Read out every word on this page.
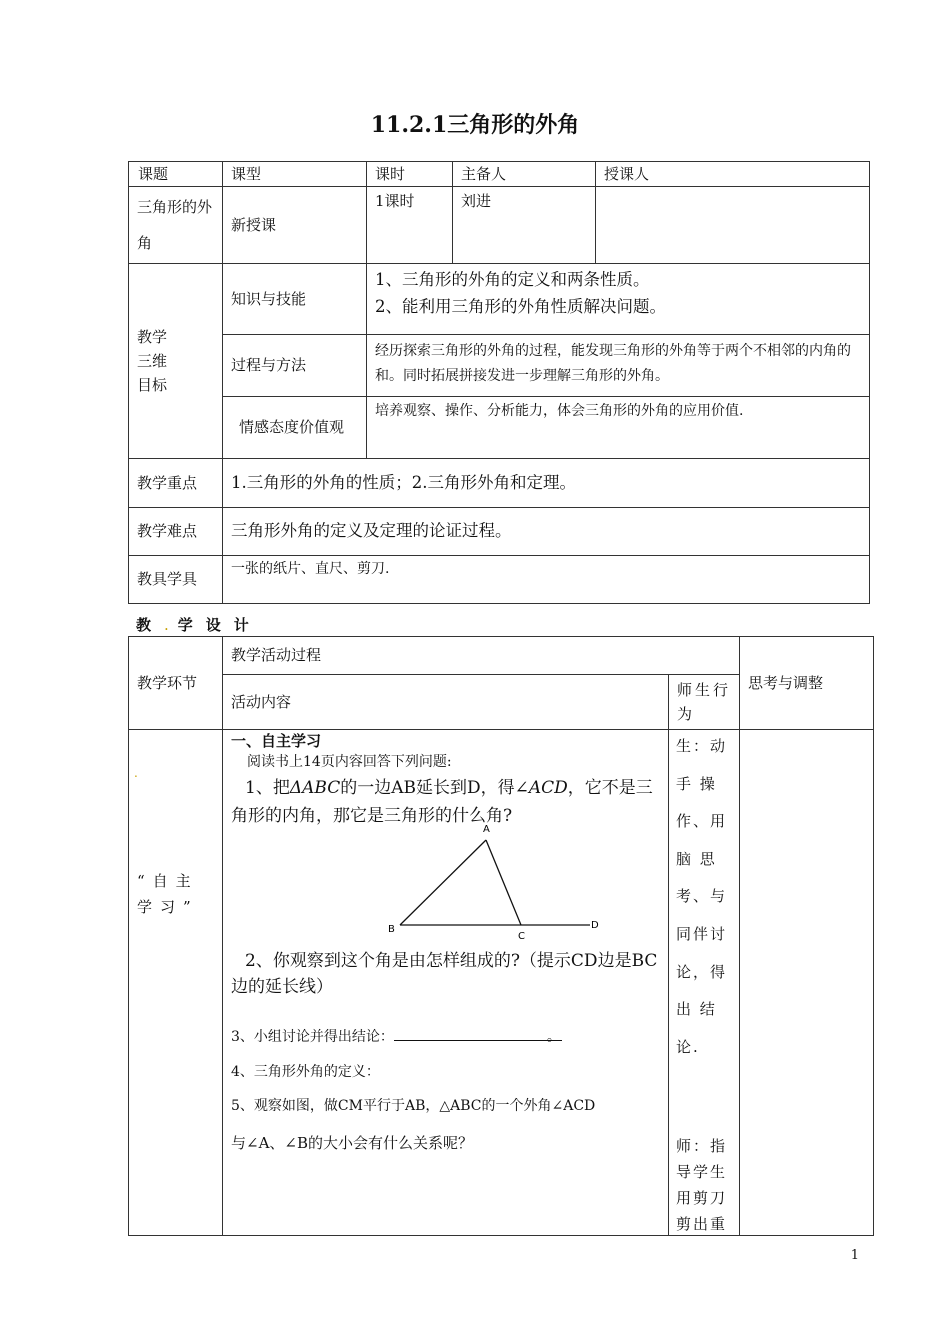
11.2.1三角形的外角
课题	课型	课时	主备人	授课人
三角形的外角	新授课	1课时	刘进	

教学三维目标	知识与技能	1、三角形的外角的定义和两条性质。
2、能利用三角形的外角性质解决问题。		

	过程与方法	经历探索三角形的外角的过程，能发现三角形的外角等于两个不相邻的内角的和。同时拓展拼接发进一步理解三角形的外角。		
	情感态度价值观	培养观察、操作、分析能力，体会三角形的外角的应用价值.		
教学重点	1.三角形的外角的性质；2.三角形外角和定理。			
教学难点	三角形外角的定义及定理的论证过程。			
教具学具	一张的纸片、直尺、剪刀.			
教. 学设计
教学环节	教学活动过程		思考与调整
	活动内容	师生行为	

.
“自主学习”
一、自主学习
阅读书上14页内容回答下列问题:
1、把ΔABC的一边AB延长到D，得∠ACD，它不是三角形的内角，那它是三角形的什么角?
A
B
C
D
2、你观察到这个角是由怎样组成的?（提示CD边是BC边的延长线）
3、小组讨论并得出结论：	。
4、三角形外角的定义：
5、观察如图，做CM平行于AB，△ABC的一个外角∠ACD
与∠A、∠B的大小会有什么关系呢？
生：动
手 操
作、用
脑 思
考、与
同伴讨
论，得
出 结
论.
师：指
导学生
用剪刀
剪出重
1
